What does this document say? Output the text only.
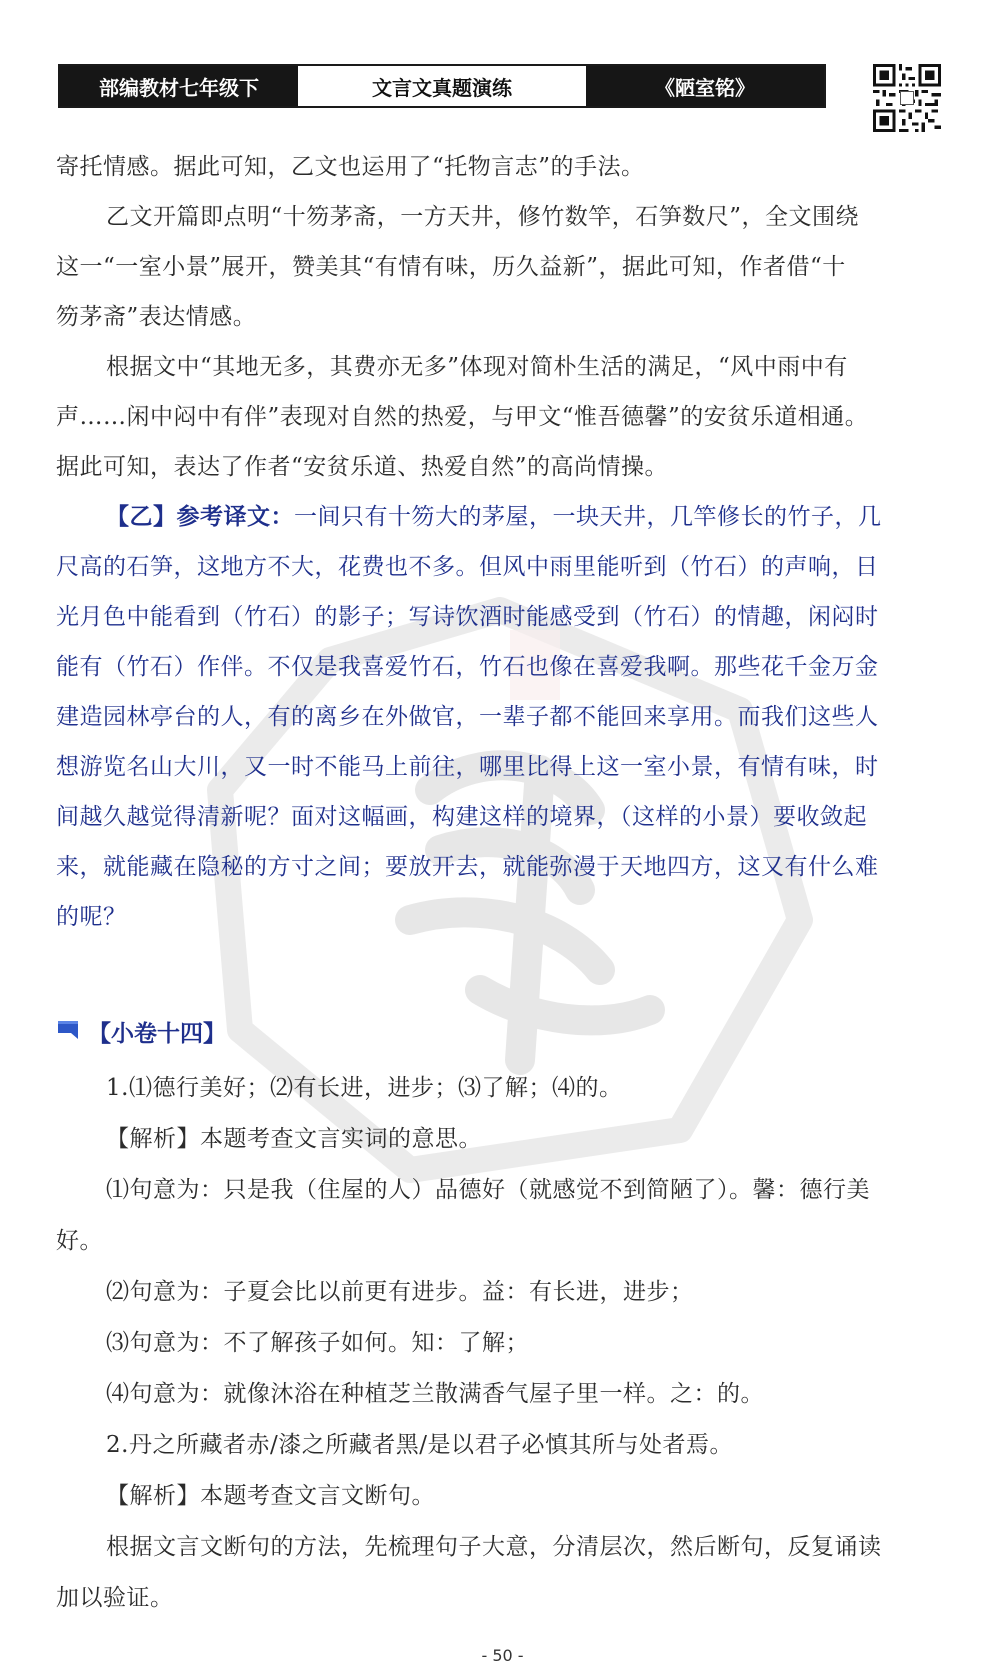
部编教材七年级下	文言文真题演练	《陋室铭》
寄托情感。据此可知，乙文也运用了“托物言志”的手法。
乙文开篇即点明“十笏茅斋，一方天井，修竹数竿，石笋数尺”，全文围绕
这一“一室小景”展开，赞美其“有情有味，历久益新”，据此可知，作者借“十
笏茅斋”表达情感。
根据文中“其地无多，其费亦无多”体现对简朴生活的满足，“风中雨中有
声……闲中闷中有伴”表现对自然的热爱，与甲文“惟吾德馨”的安贫乐道相通。
据此可知，表达了作者“安贫乐道、热爱自然”的高尚情操。
【乙】参考译文：一间只有十笏大的茅屋，一块天井，几竿修长的竹子，几
尺高的石笋，这地方不大，花费也不多。但风中雨里能听到（竹石）的声响，日
光月色中能看到（竹石）的影子；写诗饮酒时能感受到（竹石）的情趣，闲闷时
能有（竹石）作伴。不仅是我喜爱竹石，竹石也像在喜爱我啊。那些花千金万金
建造园林亭台的人，有的离乡在外做官，一辈子都不能回来享用。而我们这些人
想游览名山大川，又一时不能马上前往，哪里比得上这一室小景，有情有味，时
间越久越觉得清新呢？面对这幅画，构建这样的境界，（这样的小景）要收敛起
来，就能藏在隐秘的方寸之间；要放开去，就能弥漫于天地四方，这又有什么难
的呢？
【小卷十四】
1.⑴德行美好；⑵有长进，进步；⑶了解；⑷的。
【解析】本题考查文言实词的意思。
⑴句意为：只是我（住屋的人）品德好（就感觉不到简陋了）。馨：德行美
好。
⑵句意为：子夏会比以前更有进步。益：有长进，进步；
⑶句意为：不了解孩子如何。知：了解；
⑷句意为：就像沐浴在种植芝兰散满香气屋子里一样。之：的。
2.丹之所藏者赤/漆之所藏者黑/是以君子必慎其所与处者焉。
【解析】本题考查文言文断句。
根据文言文断句的方法，先梳理句子大意，分清层次，然后断句，反复诵读
加以验证。
- 50 -
